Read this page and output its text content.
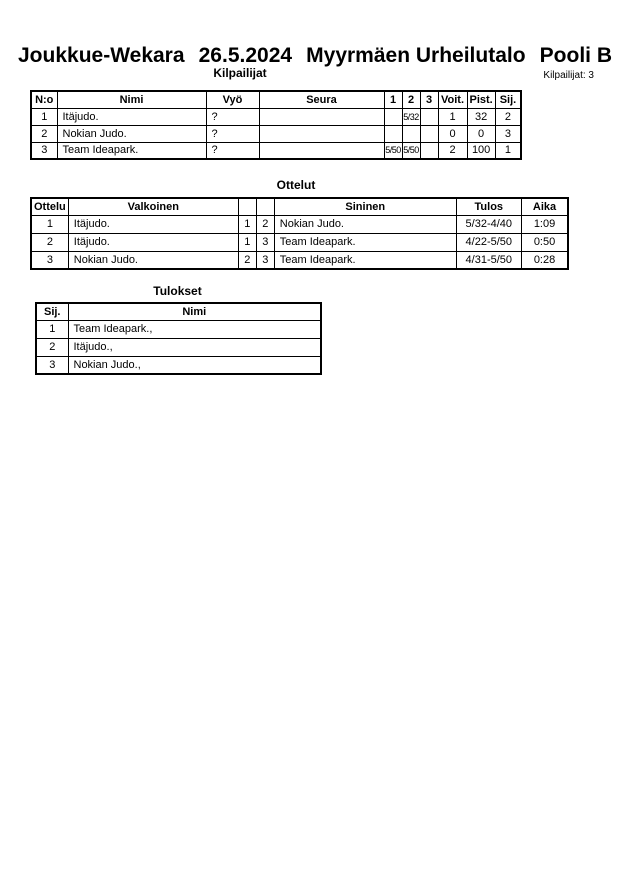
Joukkue-Wekara 26.5.2024 Myyrmäen Urheilutalo Pooli B
Kilpailijat	Kilpailijat: 3
N:o	Nimi	Vyö	Seura	1	2	3	Voit.	Pist.	Sij.
1	Itäjudo.	?			5/32		1	32	2
2	Nokian Judo.	?					0	0	3
3	Team Ideapark.	?		5/50	5/50		2	100	1
Ottelut
Ottelu	Valkoinen			Sininen	Tulos	Aika
1	Itäjudo.	1	2	Nokian Judo.	5/32-4/40	1:09
2	Itäjudo.	1	3	Team Ideapark.	4/22-5/50	0:50
3	Nokian Judo.	2	3	Team Ideapark.	4/31-5/50	0:28
Tulokset
Sij.	Nimi
1	Team Ideapark.,
2	Itäjudo.,
3	Nokian Judo.,
